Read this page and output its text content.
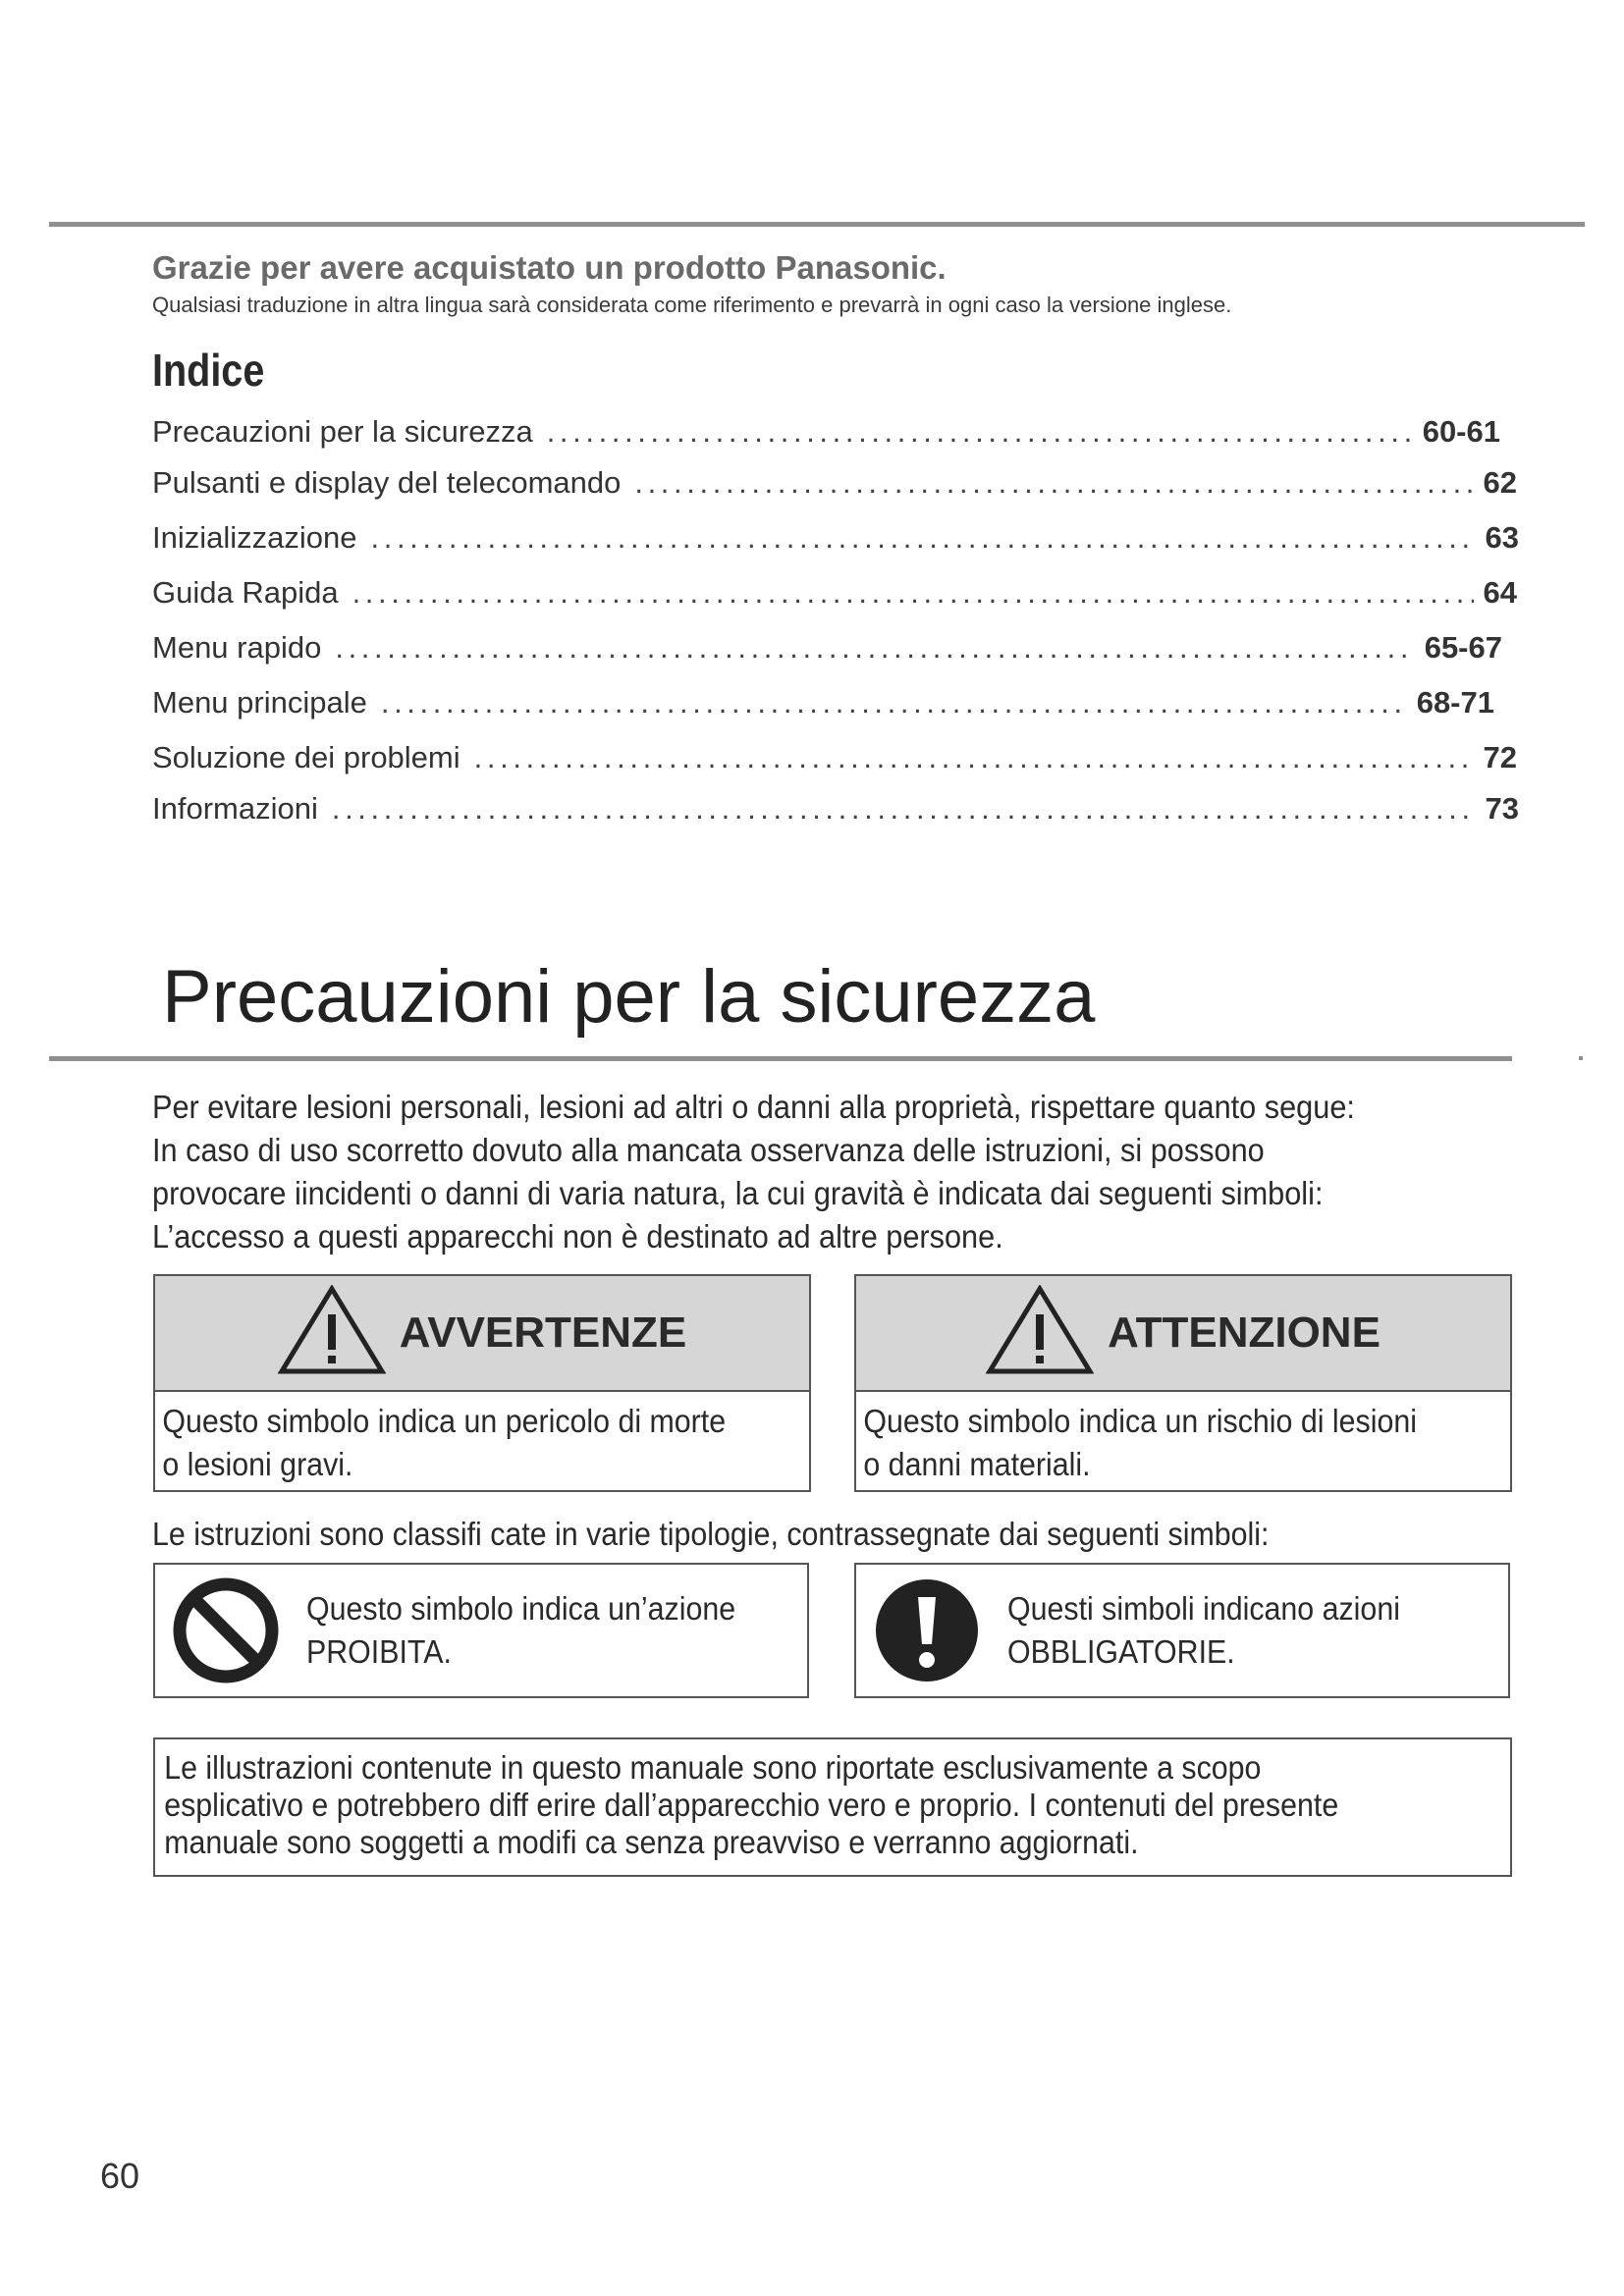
Grazie per avere acquistato un prodotto Panasonic.
Qualsiasi traduzione in altra lingua sarà considerata come riferimento e prevarrà in ogni caso la versione inglese.
Indice
Precauzioni per la sicurezza . . .	60-61
Pulsanti e display del telecomando . . .	62
Inizializzazione . . .	63
Guida Rapida . . .	64
Menu rapido . . .	65-67
Menu principale . . .	68-71
Soluzione dei problemi . . .	72
Informazioni . . .	73
Precauzioni per la sicurezza
Per evitare lesioni personali, lesioni ad altri o danni alla proprietà, rispettare quanto segue:
In caso di uso scorretto dovuto alla mancata osservanza delle istruzioni, si possono
provocare iincidenti o danni di varia natura, la cui gravità è indicata dai seguenti simboli:
L’accesso a questi apparecchi non è destinato ad altre persone.
AVVERTENZE
Questo simbolo indica un pericolo di morte
o lesioni gravi.
ATTENZIONE
Questo simbolo indica un rischio di lesioni
o danni materiali.
Le istruzioni sono classifi cate in varie tipologie, contrassegnate dai seguenti simboli:
Questo simbolo indica un’azione
PROIBITA.
Questi simboli indicano azioni
OBBLIGATORIE.
Le illustrazioni contenute in questo manuale sono riportate esclusivamente a scopo
esplicativo e potrebbero diff erire dall’apparecchio vero e proprio. I contenuti del presente
manuale sono soggetti a modifi ca senza preavviso e verranno aggiornati.
60
